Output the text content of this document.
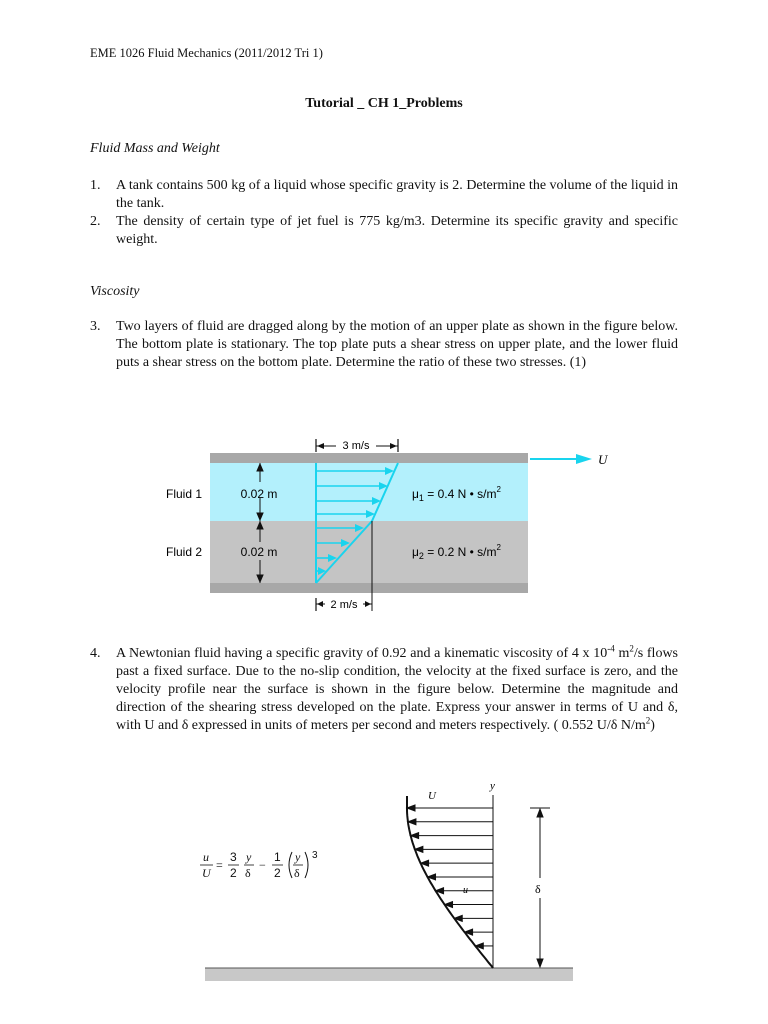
EME 1026 Fluid Mechanics (2011/2012 Tri 1)
Tutorial _ CH 1_Problems
Fluid Mass and Weight
1.	A tank contains 500 kg of a liquid whose specific gravity is 2. Determine the volume of the liquid in the tank.
2.	The density of certain type of jet fuel is 775 kg/m3. Determine its specific gravity and specific weight.
Viscosity
3.	Two layers of fluid are dragged along by the motion of an upper plate as shown in the figure below. The bottom plate is stationary. The top plate puts a shear stress on upper plate, and the lower fluid puts a shear stress on the bottom plate. Determine the ratio of these two stresses. (1)
3 m/s
U
0.02 m
0.02 m
Fluid 1
Fluid 2
$\mu_1 = 0.4$ N • $s/m^2$
$\mu_2 = 0.2$ N • $s/m^2$
2 m/s
4.	A Newtonian fluid having a specific gravity of 0.92 and a kinematic viscosity of 4 x $10^{-4}$ $m^2/s$ flows past a fixed surface. Due to the no-slip condition, the velocity at the fixed surface is zero, and the velocity profile near the surface is shown in the figure below. Determine the magnitude and direction of the shearing stress developed on the plate. Express your answer in terms of U and δ, with U and δ expressed in units of meters per second and meters respectively. ( 0.552 U/δ $N/m^2$)
u
U
=
3
2
y
δ
−
1
2
y
δ
3
y
U
u	δ
